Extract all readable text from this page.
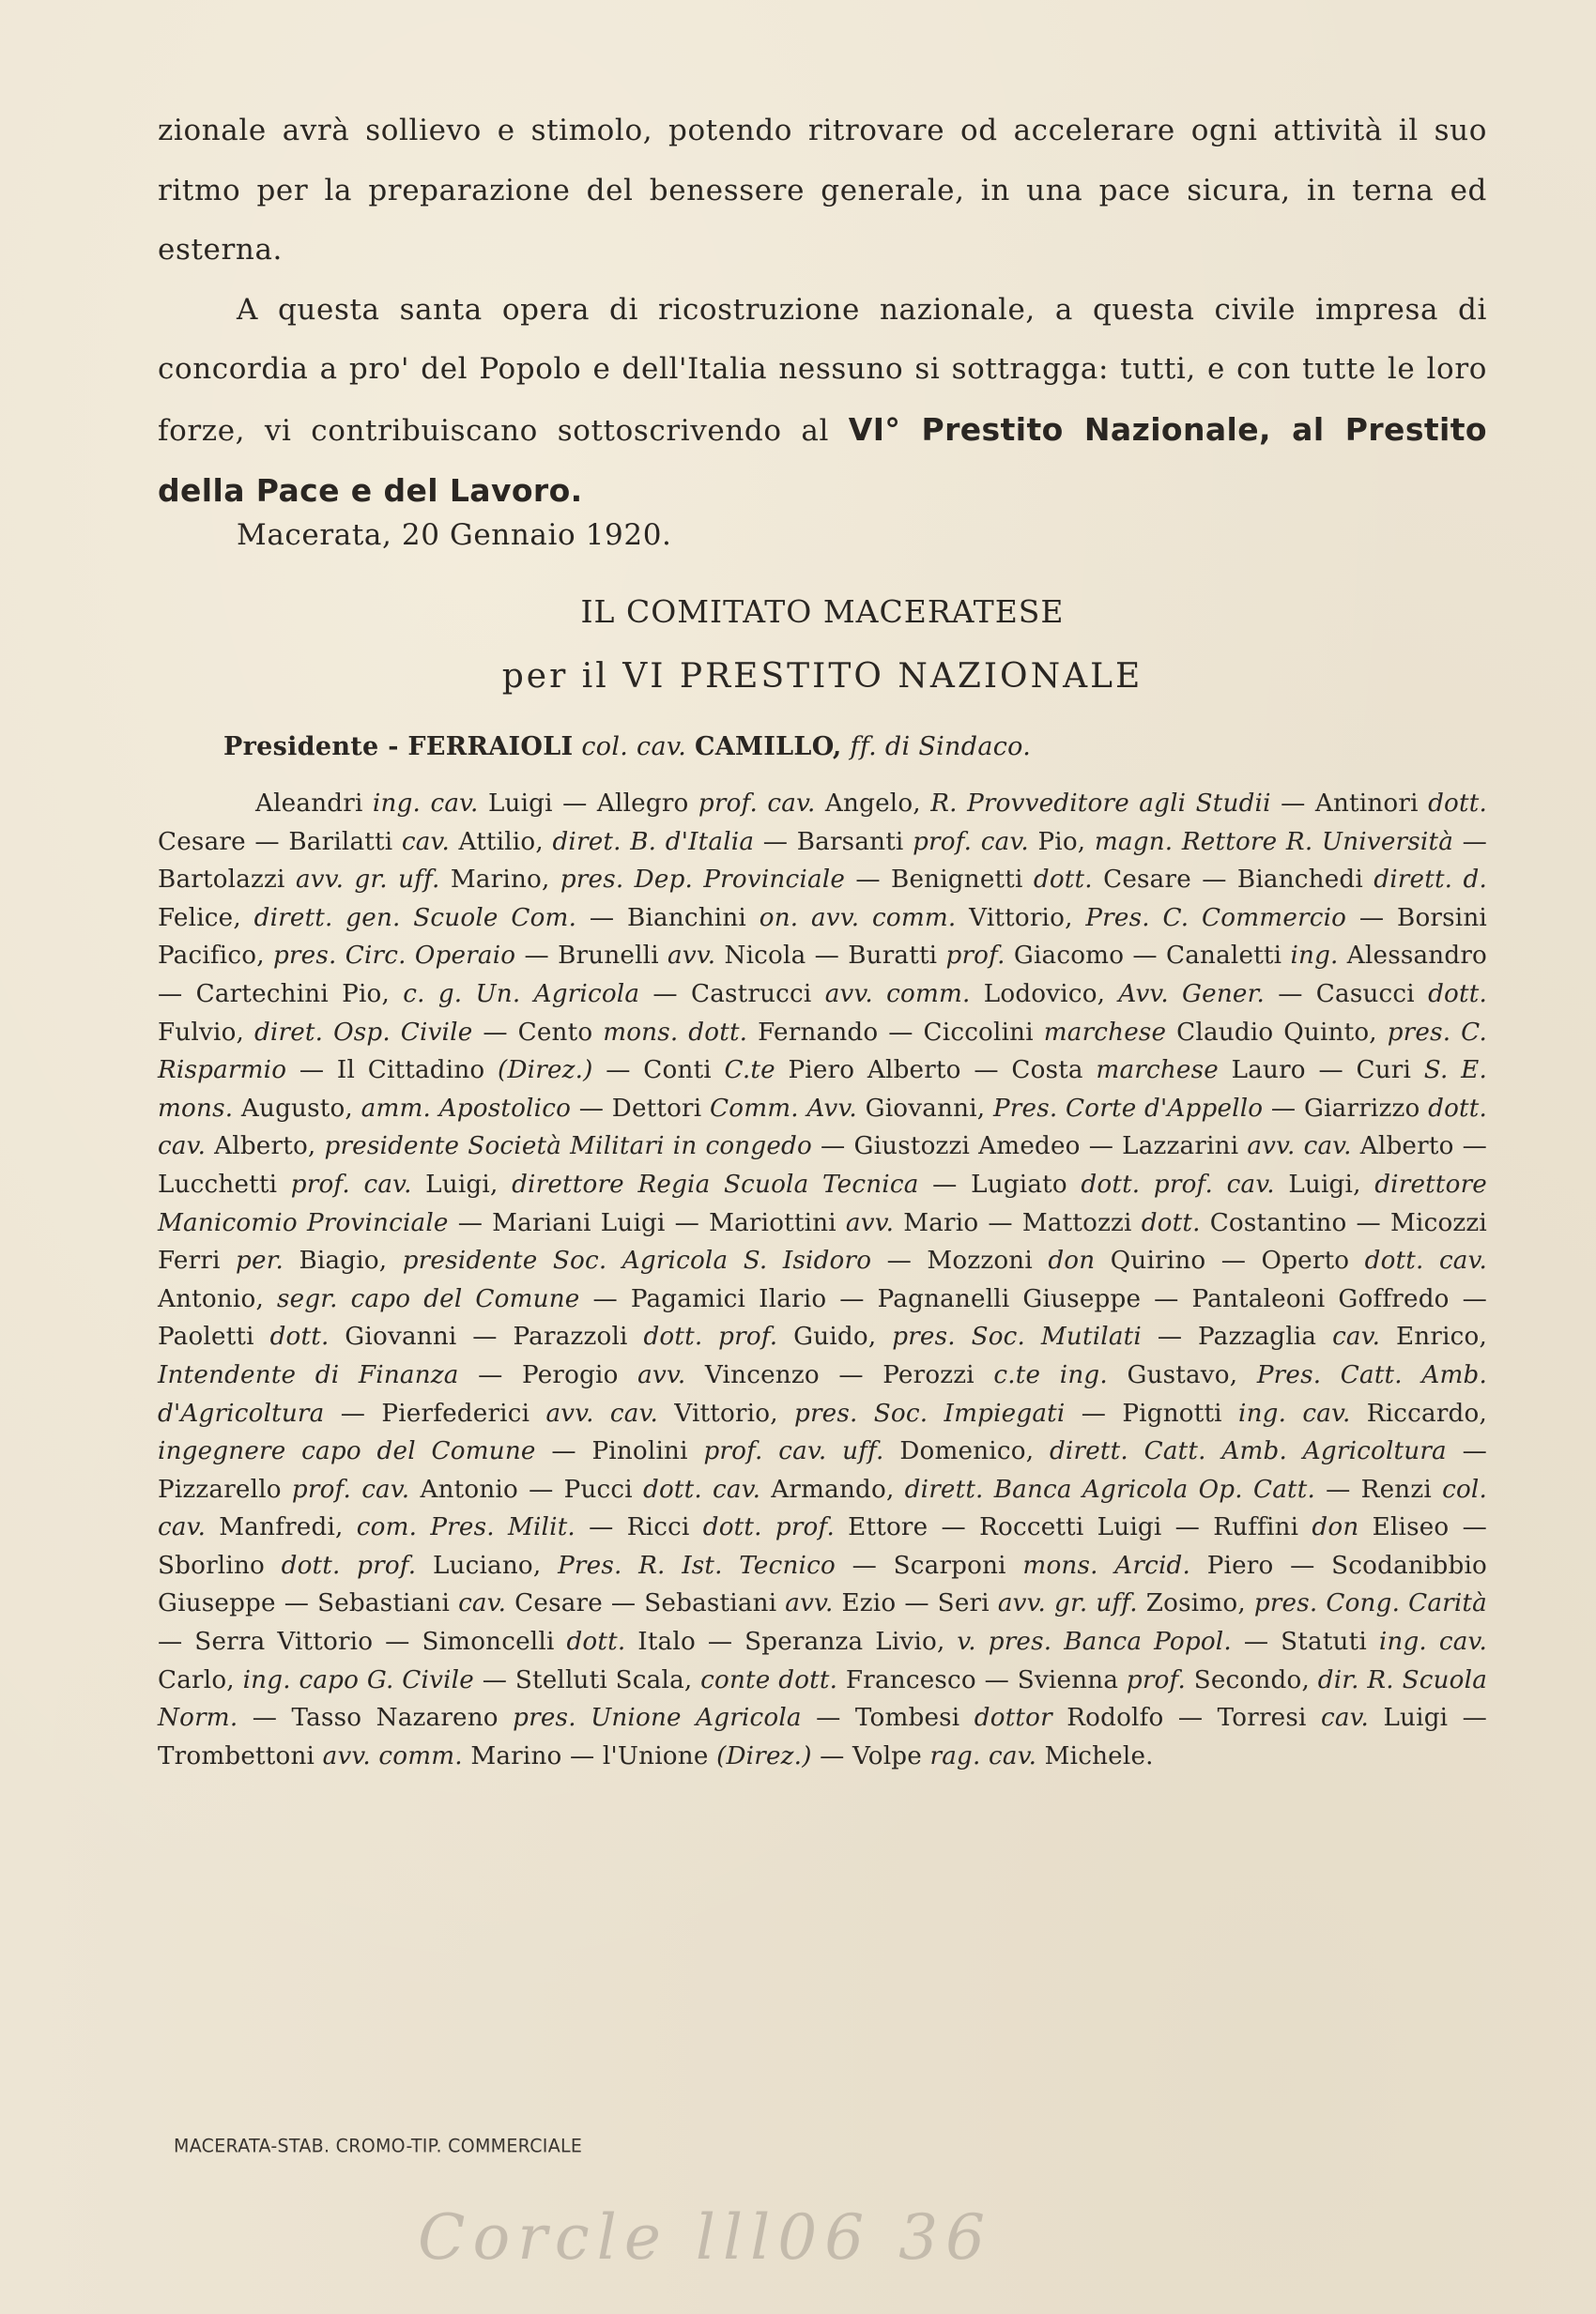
zionale avrà sollievo e stimolo, potendo ritrovare od accelerare ogni attività il suo ritmo per la preparazione del benessere generale, in una pace sicura, in terna ed esterna.

A questa santa opera di ricostruzione nazionale, a questa civile impresa di concordia a pro' del Popolo e dell'Italia nessuno si sottragga: tutti, e con tutte le loro forze, vi contribuiscano sottoscrivendo al VI° Prestito Nazionale, al Prestito della Pace e del Lavoro.

Macerata, 20 Gennaio 1920.
IL COMITATO MACERATESE
per il VI PRESTITO NAZIONALE
Presidente - FERRAIOLI col. cav. CAMILLO, ff. di Sindaco.

Aleandri ing. cav. Luigi — Allegro prof. cav. Angelo, R. Provveditore agli Studii — Antinori dott. Cesare — Barilatti cav. Attilio, diret. B. d'Italia — Barsanti prof. cav. Pio, magn. Rettore R. Università — Bartolazzi avv. gr. uff. Marino, pres. Dep. Provinciale — Benignetti dott. Cesare — Bianchedi dirett. d. Felice, dirett. gen. Scuole Com. — Bianchini on. avv. comm. Vittorio, Pres. C. Commercio — Borsini Pacifico, pres. Circ. Operaio — Brunelli avv. Nicola — Buratti prof. Giacomo — Canaletti ing. Alessandro — Cartechini Pio, c. g. Un. Agricola — Castrucci avv. comm. Lodovico, Avv. Gener. — Casucci dott. Fulvio, diret. Osp. Civile — Cento mons. dott. Fernando — Ciccolini marchese Claudio Quinto, pres. C. Risparmio — Il Cittadino (Direz.) — Conti C.te Piero Alberto — Costa marchese Lauro — Curi S. E. mons. Augusto, amm. Apostolico — Dettori Comm. Avv. Giovanni, Pres. Corte d'Appello — Giarrizzo dott. cav. Alberto, presidente Società Militari in congedo — Giustozzi Amedeo — Lazzarini avv. cav. Alberto — Lucchetti prof. cav. Luigi, direttore Regia Scuola Tecnica — Lugiato dott. prof. cav. Luigi, direttore Manicomio Provinciale — Mariani Luigi — Mariottini avv. Mario — Mattozzi dott. Costantino — Micozzi Ferri per. Biagio, presidente Soc. Agricola S. Isidoro — Mozzoni don Quirino — Operto dott. cav. Antonio, segr. capo del Comune — Pagamici Ilario — Pagnanelli Giuseppe — Pantaleoni Goffredo — Paoletti dott. Giovanni — Parazzoli dott. prof. Guido, pres. Soc. Mutilati — Pazzaglia cav. Enrico, Intendente di Finanza — Perogio avv. Vincenzo — Perozzi c.te ing. Gustavo, Pres. Catt. Amb. d'Agricoltura — Pierfederici avv. cav. Vittorio, pres. Soc. Impiegati — Pignotti ing. cav. Riccardo, ingegnere capo del Comune — Pinolini prof. cav. uff. Domenico, dirett. Catt. Amb. Agricoltura — Pizzarello prof. cav. Antonio — Pucci dott. cav. Armando, dirett. Banca Agricola Op. Catt. — Renzi col. cav. Manfredi, com. Pres. Milit. — Ricci dott. prof. Ettore — Roccetti Luigi — Ruffini don Eliseo — Sborlino dott. prof. Luciano, Pres. R. Ist. Tecnico — Scarponi mons. Arcid. Piero — Scodanibbio Giuseppe — Sebastiani cav. Cesare — Sebastiani avv. Ezio — Seri avv. gr. uff. Zosimo, pres. Cong. Carità — Serra Vittorio — Simoncelli dott. Italo — Speranza Livio, v. pres. Banca Popol. — Statuti ing. cav. Carlo, ing. capo G. Civile — Stelluti Scala, conte dott. Francesco — Svienna prof. Secondo, dir. R. Scuola Norm. — Tasso Nazareno pres. Unione Agricola — Tombesi dottor Rodolfo — Torresi cav. Luigi — Trombettoni avv. comm. Marino — l'Unione (Direz.) — Volpe rag. cav. Michele.

MACERATA-STAB. CROMO-TIP. COMMERCIALE
Corcle lll06 36
